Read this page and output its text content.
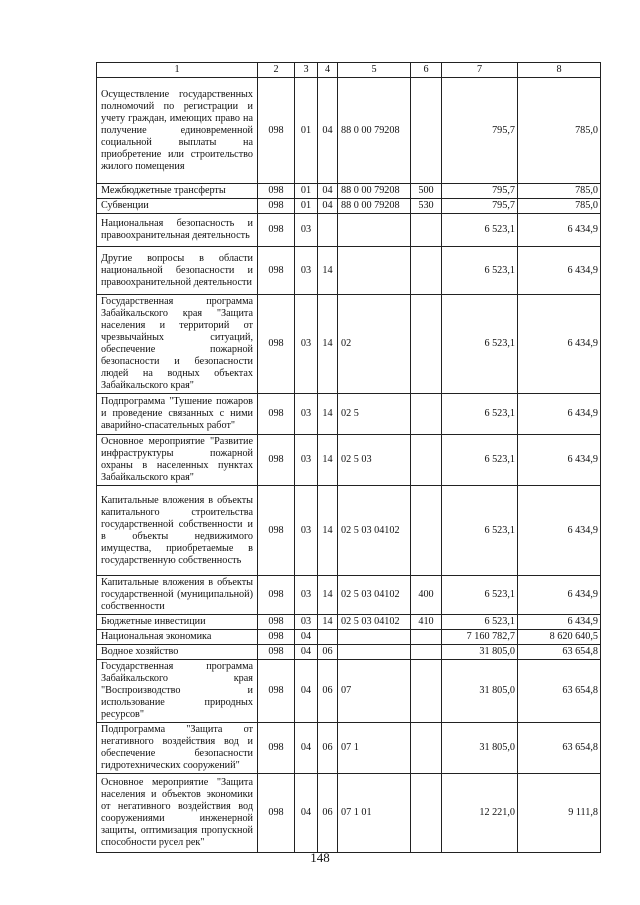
1	2	3	4	5	6	7	8
Осуществление государственных полномочий по регистрации и учету граждан, имеющих право на получение единовременной социальной выплаты на приобретение или строительство жилого помещения	098	01	04	88 0 00 79208		795,7	785,0
Межбюджетные трансферты	098	01	04	88 0 00 79208	500	795,7	785,0
Субвенции	098	01	04	88 0 00 79208	530	795,7	785,0
Национальная безопасность и правоохранительная деятельность	098	03				6 523,1	6 434,9
Другие вопросы в области национальной безопасности и правоохранительной деятельности	098	03	14			6 523,1	6 434,9
Государственная программа Забайкальского края "Защита населения и территорий от чрезвычайных ситуаций, обеспечение пожарной безопасности и безопасности людей на водных объектах Забайкальского края"	098	03	14	02		6 523,1	6 434,9
Подпрограмма "Тушение пожаров и проведение связанных с ними аварийно-спасательных работ"	098	03	14	02 5		6 523,1	6 434,9
Основное мероприятие "Развитие инфраструктуры пожарной охраны в населенных пунктах Забайкальского края"	098	03	14	02 5 03		6 523,1	6 434,9
Капитальные вложения в объекты капитального строительства государственной собственности и в объекты недвижимого имущества, приобретаемые в государственную собственность	098	03	14	02 5 03 04102		6 523,1	6 434,9
Капитальные вложения в объекты государственной (муниципальной) собственности	098	03	14	02 5 03 04102	400	6 523,1	6 434,9
Бюджетные инвестиции	098	03	14	02 5 03 04102	410	6 523,1	6 434,9
Национальная экономика	098	04				7 160 782,7	8 620 640,5
Водное хозяйство	098	04	06			31 805,0	63 654,8
Государственная программа Забайкальского края "Воспроизводство и использование природных ресурсов"	098	04	06	07		31 805,0	63 654,8
Подпрограмма "Защита от негативного воздействия вод и обеспечение безопасности гидротехнических сооружений"	098	04	06	07 1		31 805,0	63 654,8
Основное мероприятие "Защита населения и объектов экономики от негативного воздействия вод сооружениями инженерной защиты, оптимизация пропускной способности русел рек"	098	04	06	07 1 01		12 221,0	9 111,8
148
